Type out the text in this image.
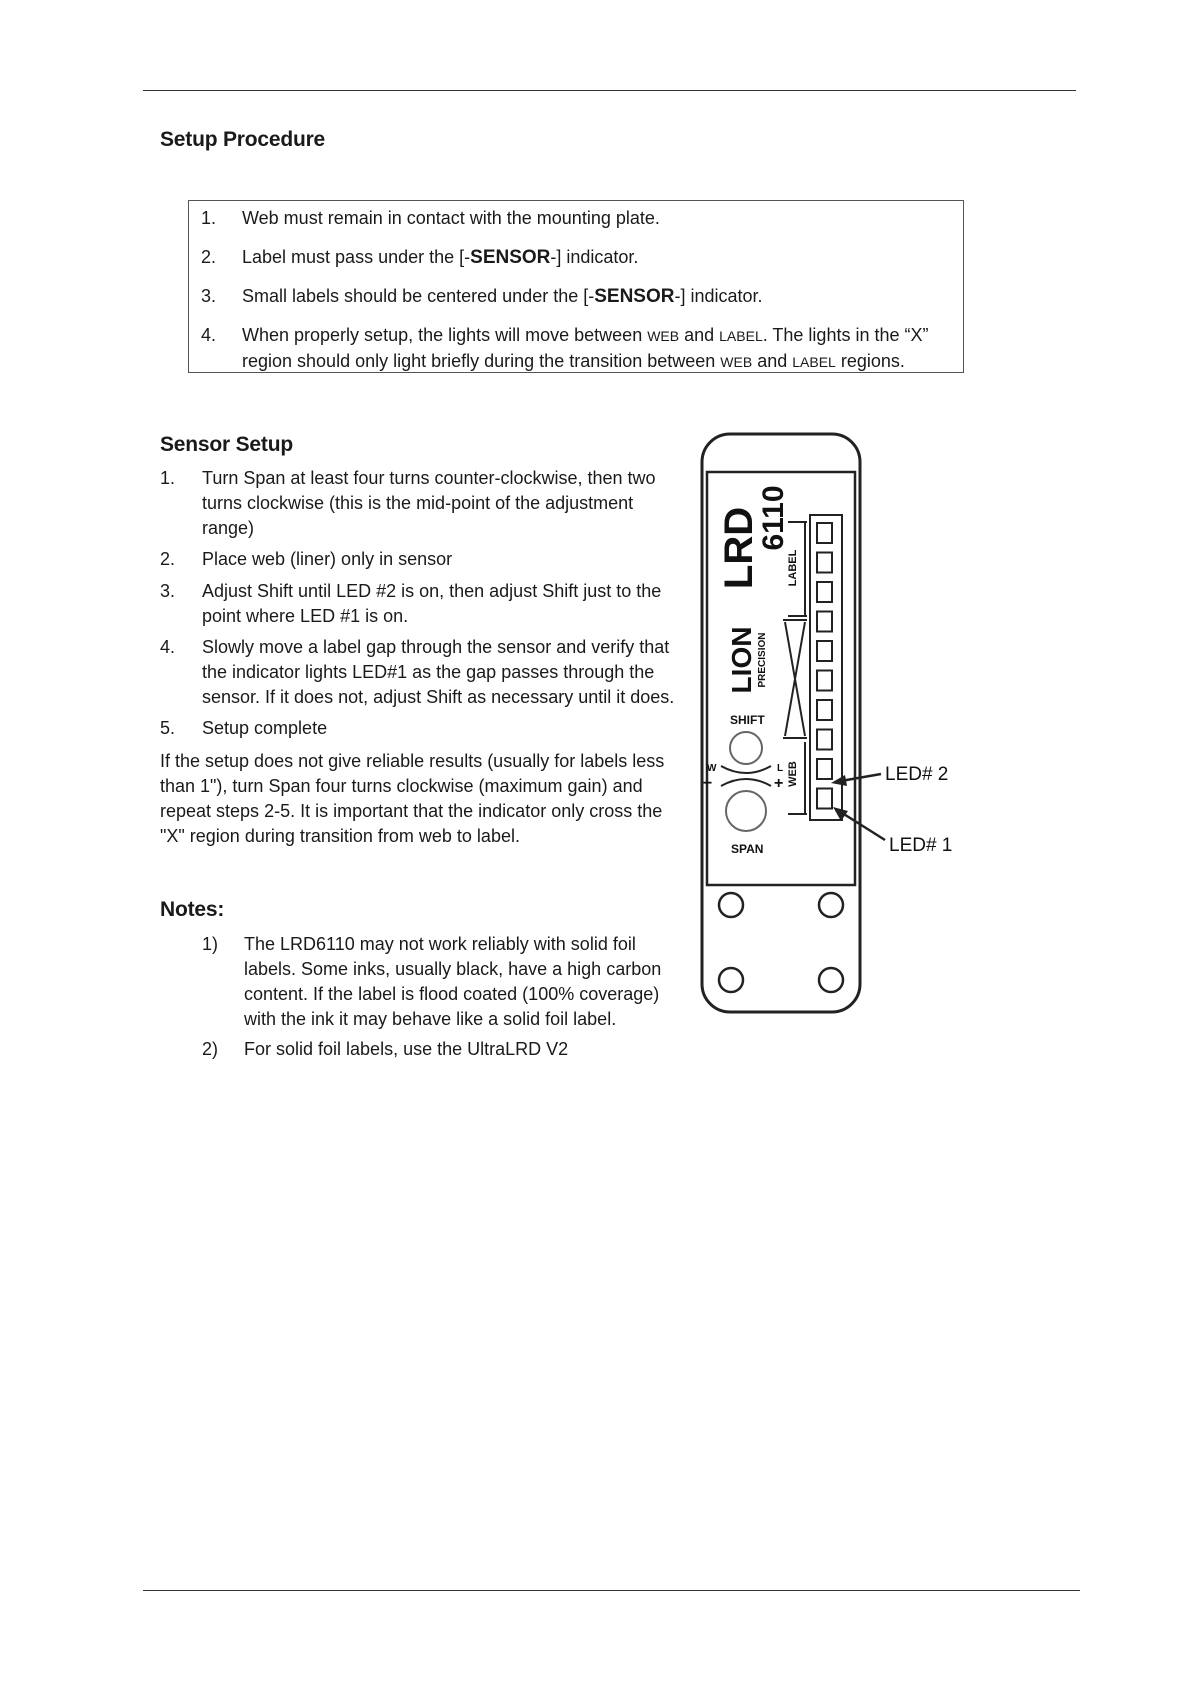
Setup Procedure
1.	Web must remain in contact with the mounting plate.
2.	Label must pass under the [-SENSOR-] indicator.
3.	Small labels should be centered under the [-SENSOR-] indicator.
4.	When properly setup, the lights will move between WEB and LABEL. The lights in the “X” region should only light briefly during the transition between WEB and LABEL regions.
Sensor Setup
1. Turn Span at least four turns counter-clockwise, then two turns clockwise (this is the mid-point of the adjustment range)
2. Place web (liner) only in sensor
3. Adjust Shift until LED #2 is on, then adjust Shift just to the point where LED #1 is on.
4. Slowly move a label gap through the sensor and verify that the indicator lights LED#1 as the gap passes through the sensor. If it does not, adjust Shift as necessary until it does.
5. Setup complete
If the setup does not give reliable results (usually for labels less than 1"), turn Span four turns clockwise (maximum gain) and repeat steps 2-5. It is important that the indicator only cross the "X" region during transition from web to label.
Notes:
1) The LRD6110 may not work reliably with solid foil labels. Some inks, usually black, have a high carbon content. If the label is flood coated (100% coverage) with the ink it may behave like a solid foil label.
2) For solid foil labels, use the UltraLRD V2
LRD
6110
LION PRECISION
LABEL
WEB
SHIFT
W	L
−	+
SPAN
LED# 2
LED# 1
